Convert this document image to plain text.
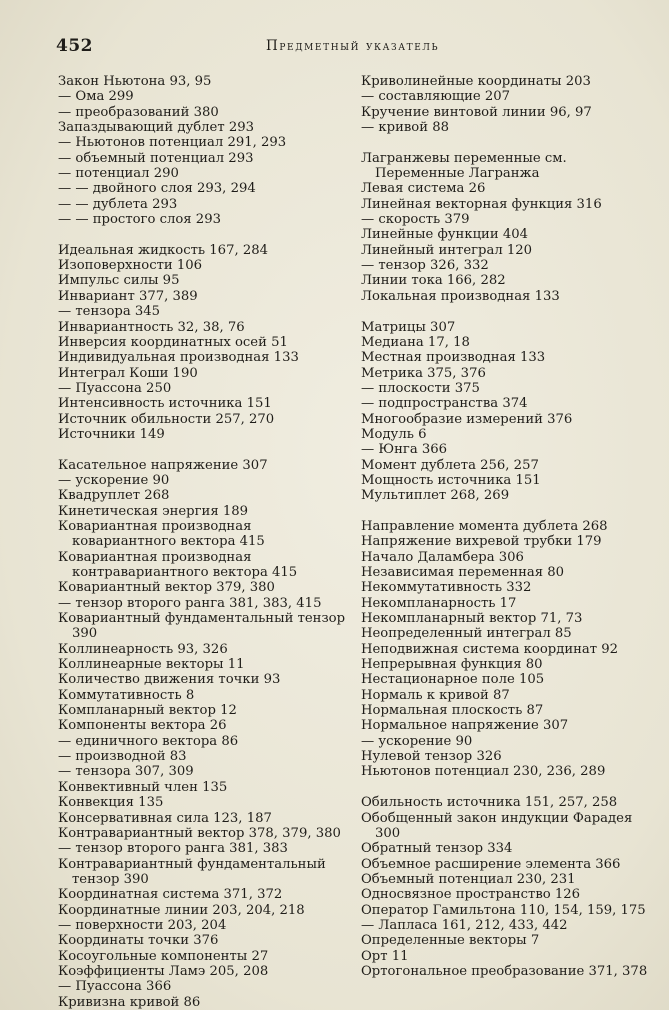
452	Предметный указатель
Закон Ньютона 93, 95
— Ома 299
— преобразований 380
Запаздывающий дублет 293
— Ньютонов потенциал 291, 293
— объемный потенциал 293
— потенциал 290
— — двойного слоя 293, 294
— — дублета 293
— — простого слоя 293
Идеальная жидкость 167, 284
Изоповерхности 106
Импульс силы 95
Инвариант 377, 389
— тензора 345
Инвариантность 32, 38, 76
Инверсия координатных осей 51
Индивидуальная производная 133
Интеграл Коши 190
— Пуассона 250
Интенсивность источника 151
Источник обильности 257, 270
Источники 149
Касательное напряжение 307
— ускорение 90
Квадруплет 268
Кинетическая энергия 189
Ковариантная производная ковариантного вектора 415
Ковариантная производная контравариантного вектора 415
Ковариантный вектор 379, 380
— тензор второго ранга 381, 383, 415
Ковариантный фундаментальный тензор 390
Коллинеарность 93, 326
Коллинеарные векторы 11
Количество движения точки 93
Коммутативность 8
Компланарный вектор 12
Компоненты вектора 26
— единичного вектора 86
— производной 83
— тензора 307, 309
Конвективный член 135
Конвекция 135
Консервативная сила 123, 187
Контравариантный вектор 378, 379, 380
— тензор второго ранга 381, 383
Контравариантный фундаментальный тензор 390
Координатная система 371, 372
Координатные линии 203, 204, 218
— поверхности 203, 204
Координаты точки 376
Косоугольные компоненты 27
Коэффициенты Ламэ 205, 208
— Пуассона 366
Кривизна кривой 86
Криволинейные координаты 203
— составляющие 207
Кручение винтовой линии 96, 97
— кривой 88
Лагранжевы переменные см. Переменные Лагранжа
Левая система 26
Линейная векторная функция 316
— скорость 379
Линейные функции 404
Линейный интеграл 120
— тензор 326, 332
Линии тока 166, 282
Локальная производная 133
Матрицы 307
Медиана 17, 18
Местная производная 133
Метрика 375, 376
— плоскости 375
— подпространства 374
Многообразие измерений 376
Модуль 6
— Юнга 366
Момент дублета 256, 257
Мощность источника 151
Мультиплет 268, 269
Направление момента дублета 268
Напряжение вихревой трубки 179
Начало Даламбера 306
Независимая переменная 80
Некоммутативность 332
Некомпланарность 17
Некомпланарный вектор 71, 73
Неопределенный интеграл 85
Неподвижная система координат 92
Непрерывная функция 80
Нестационарное поле 105
Нормаль к кривой 87
Нормальная плоскость 87
Нормальное напряжение 307
— ускорение 90
Нулевой тензор 326
Ньютонов потенциал 230, 236, 289
Обильность источника 151, 257, 258
Обобщенный закон индукции Фарадея 300
Обратный тензор 334
Объемное расширение элемента 366
Объемный потенциал 230, 231
Односвязное пространство 126
Оператор Гамильтона 110, 154, 159, 175
— Лапласа 161, 212, 433, 442
Определенные векторы 7
Орт 11
Ортогональное преобразование 371, 378
